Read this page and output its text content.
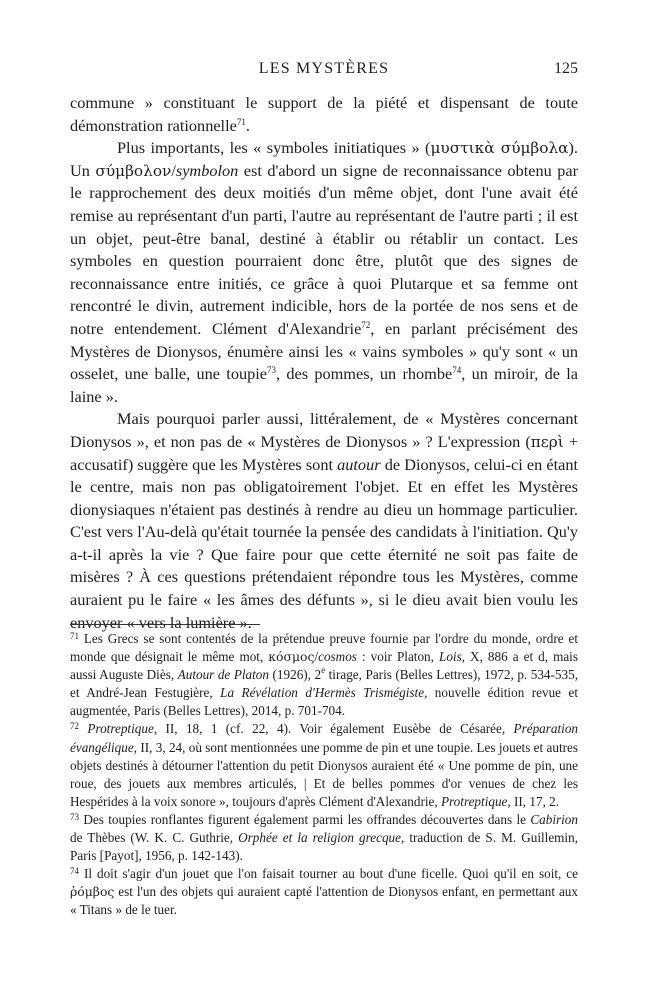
LES MYSTÈRES	125

commune » constituant le support de la piété et dispensant de toute démonstration rationnelle$^{71}$.

Plus importants, les « symboles initiatiques » (μυστικὰ σύμβολα). Un σύμβολον/symbolon est d'abord un signe de reconnaissance obtenu par le rapprochement des deux moitiés d'un même objet, dont l'une avait été remise au représentant d'un parti, l'autre au représentant de l'autre parti ; il est un objet, peut-être banal, destiné à établir ou rétablir un contact. Les symboles en question pourraient donc être, plutôt que des signes de reconnaissance entre initiés, ce grâce à quoi Plutarque et sa femme ont rencontré le divin, autrement indicible, hors de la portée de nos sens et de notre entendement. Clément d'Alexandrie$^{72}$, en parlant précisément des Mystères de Dionysos, énumère ainsi les « vains symboles » qu'y sont « un osselet, une balle, une toupie$^{73}$, des pommes, un rhombe$^{74}$, un miroir, de la laine ».

Mais pourquoi parler aussi, littéralement, de « Mystères concernant Dionysos », et non pas de « Mystères de Dionysos » ? L'expression (περὶ + accusatif) suggère que les Mystères sont autour de Dionysos, celui-ci en étant le centre, mais non pas obligatoirement l'objet. Et en effet les Mystères dionysiaques n'étaient pas destinés à rendre au dieu un hommage particulier. C'est vers l'Au-delà qu'était tournée la pensée des candidats à l'initiation. Qu'y a-t-il après la vie ? Que faire pour que cette éternité ne soit pas faite de misères ? À ces questions prétendaient répondre tous les Mystères, comme auraient pu le faire « les âmes des défunts », si le dieu avait bien voulu les envoyer « vers la lumière ».

$^{71}$ Les Grecs se sont contentés de la prétendue preuve fournie par l'ordre du monde, ordre et monde que désignait le même mot, κόσμος/cosmos : voir Platon, Lois, X, 886 a et d, mais aussi Auguste Diès, Autour de Platon (1926), 2e tirage, Paris (Belles Lettres), 1972, p. 534-535, et André-Jean Festugière, La Révélation d'Hermès Trismégiste, nouvelle édition revue et augmentée, Paris (Belles Lettres), 2014, p. 701-704.

$^{72}$ Protreptique, II, 18, 1 (cf. 22, 4). Voir également Eusèbe de Césarée, Préparation évangélique, II, 3, 24, où sont mentionnées une pomme de pin et une toupie. Les jouets et autres objets destinés à détourner l'attention du petit Dionysos auraient été « Une pomme de pin, une roue, des jouets aux membres articulés, | Et de belles pommes d'or venues de chez les Hespérides à la voix sonore », toujours d'après Clément d'Alexandrie, Protreptique, II, 17, 2.

$^{73}$ Des toupies ronflantes figurent également parmi les offrandes découvertes dans le Cabirion de Thèbes (W. K. C. Guthrie, Orphée et la religion grecque, traduction de S. M. Guillemin, Paris [Payot], 1956, p. 142-143).

$^{74}$ Il doit s'agir d'un jouet que l'on faisait tourner au bout d'une ficelle. Quoi qu'il en soit, ce ῥόμβος est l'un des objets qui auraient capté l'attention de Dionysos enfant, en permettant aux « Titans » de le tuer.
